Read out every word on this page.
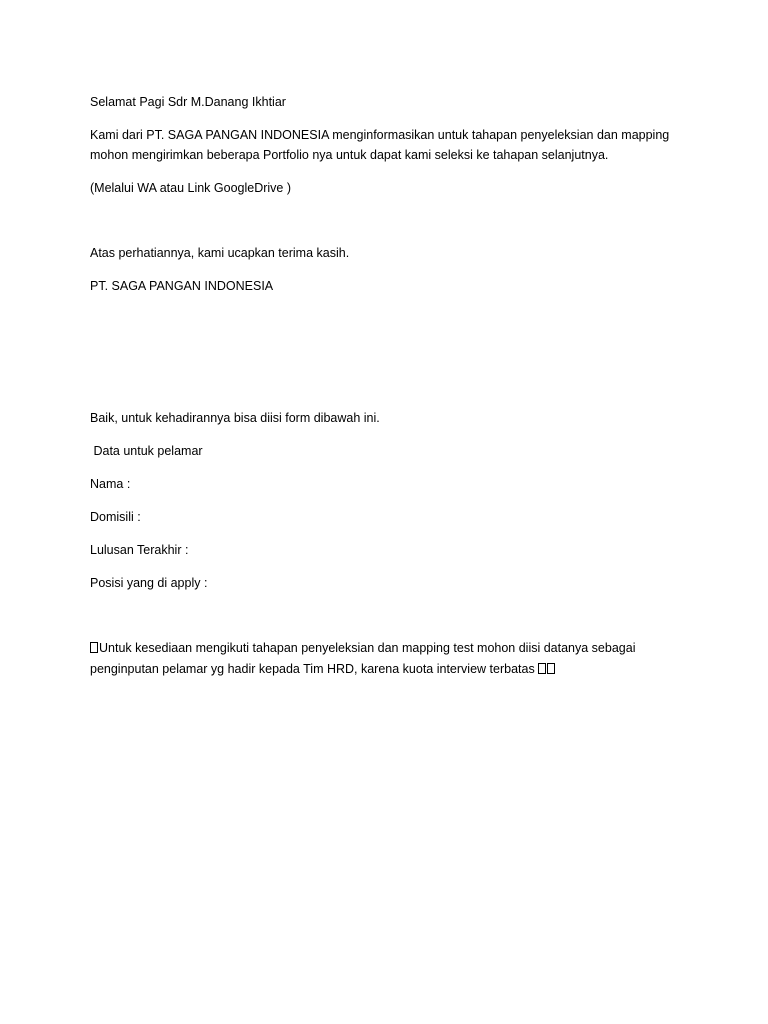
Selamat Pagi Sdr M.Danang Ikhtiar

Kami dari PT. SAGA PANGAN INDONESIA menginformasikan untuk tahapan penyeleksian dan mapping

mohon mengirimkan beberapa Portfolio nya untuk dapat kami seleksi ke tahapan selanjutnya.

(Melalui WA atau Link GoogleDrive )

Atas perhatiannya, kami ucapkan terima kasih.

PT. SAGA PANGAN INDONESIA

Baik, untuk kehadirannya bisa diisi form dibawah ini.

Data untuk pelamar

Nama :

Domisili :

Lulusan Terakhir :

Posisi yang di apply :

Untuk kesediaan mengikuti tahapan penyeleksian dan mapping test mohon diisi datanya sebagai

penginputan pelamar yg hadir kepada Tim HRD, karena kuota interview terbatas
